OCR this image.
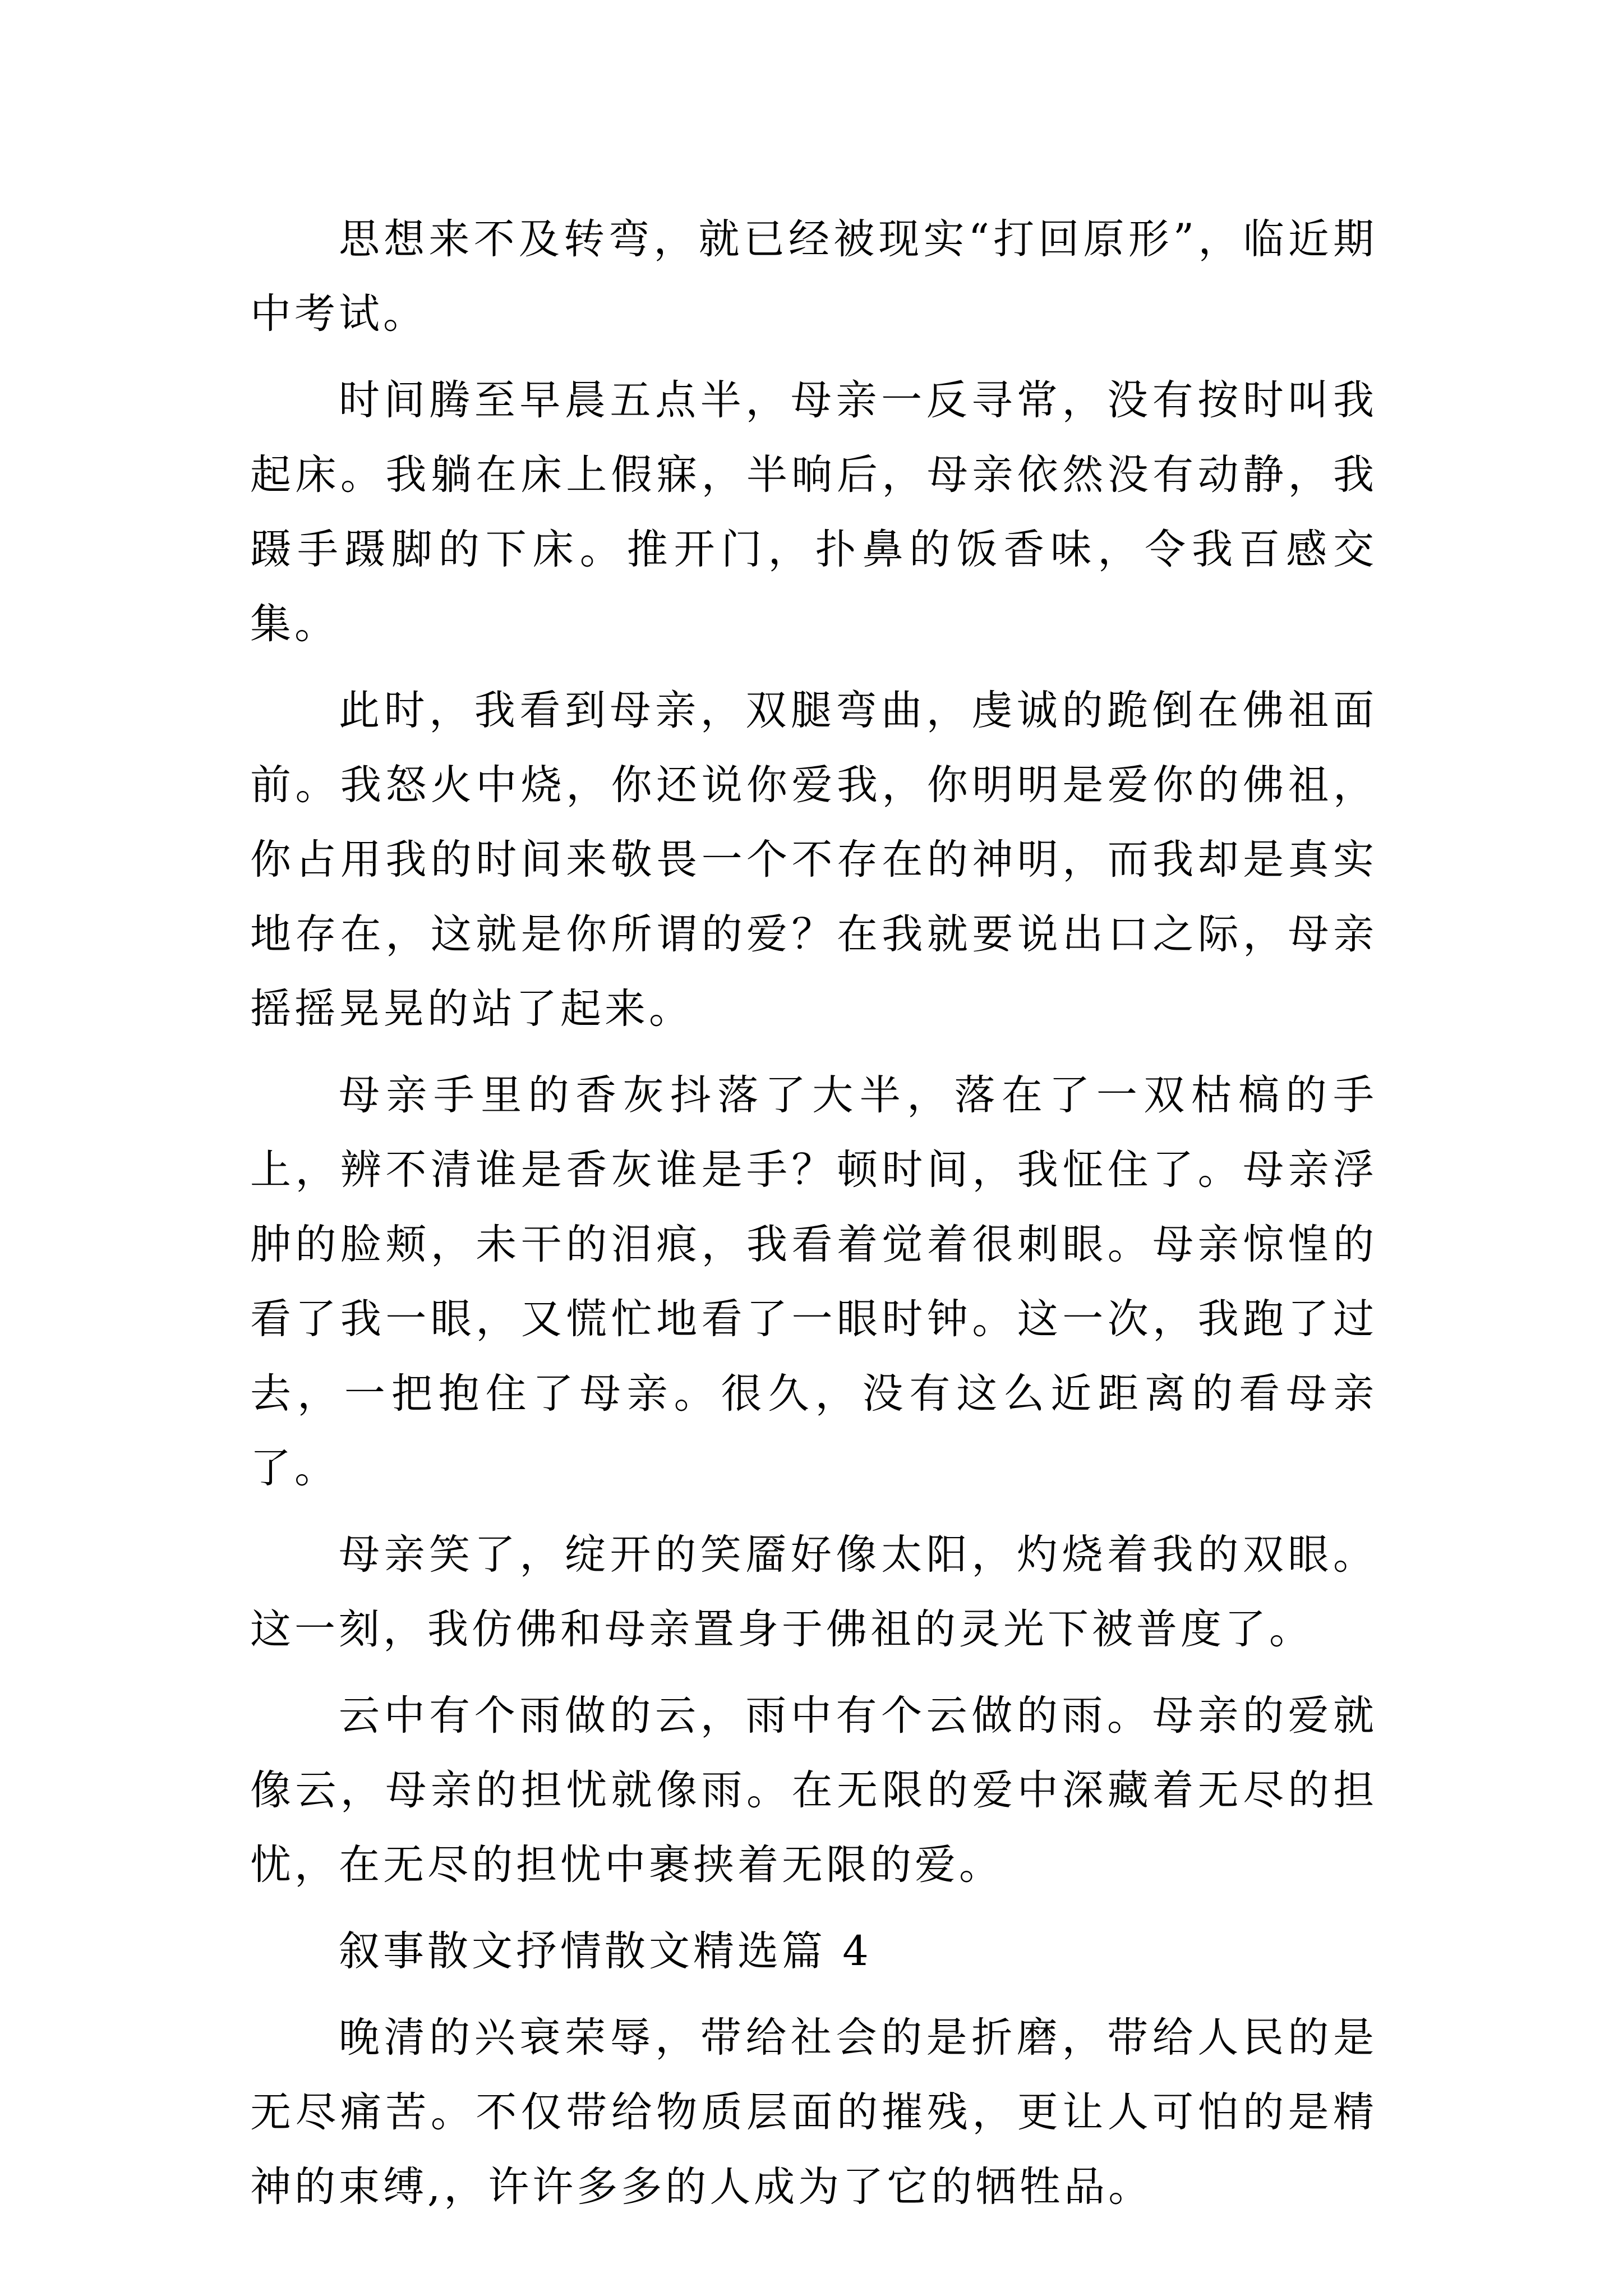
思想来不及转弯，就已经被现实“打回原形”，临近期中考试。

时间腾至早晨五点半，母亲一反寻常，没有按时叫我起床。我躺在床上假寐，半晌后，母亲依然没有动静，我蹑手蹑脚的下床。推开门，扑鼻的饭香味，令我百感交集。

此时，我看到母亲，双腿弯曲，虔诚的跪倒在佛祖面前。我怒火中烧，你还说你爱我，你明明是爱你的佛祖，你占用我的时间来敬畏一个不存在的神明，而我却是真实地存在，这就是你所谓的爱？在我就要说出口之际，母亲摇摇晃晃的站了起来。

母亲手里的香灰抖落了大半，落在了一双枯槁的手上，辨不清谁是香灰谁是手？顿时间，我怔住了。母亲浮肿的脸颊，未干的泪痕，我看着觉着很刺眼。母亲惊惶的看了我一眼，又慌忙地看了一眼时钟。这一次，我跑了过去，一把抱住了母亲。很久，没有这么近距离的看母亲了。

母亲笑了，绽开的笑靥好像太阳，灼烧着我的双眼。这一刻，我仿佛和母亲置身于佛祖的灵光下被普度了。

云中有个雨做的云，雨中有个云做的雨。母亲的爱就像云，母亲的担忧就像雨。在无限的爱中深藏着无尽的担忧，在无尽的担忧中裹挟着无限的爱。

叙事散文抒情散文精选篇 4

晚清的兴衰荣辱，带给社会的是折磨，带给人民的是无尽痛苦。不仅带给物质层面的摧残，更让人可怕的是精神的束缚,，许许多多的人成为了它的牺牲品。
